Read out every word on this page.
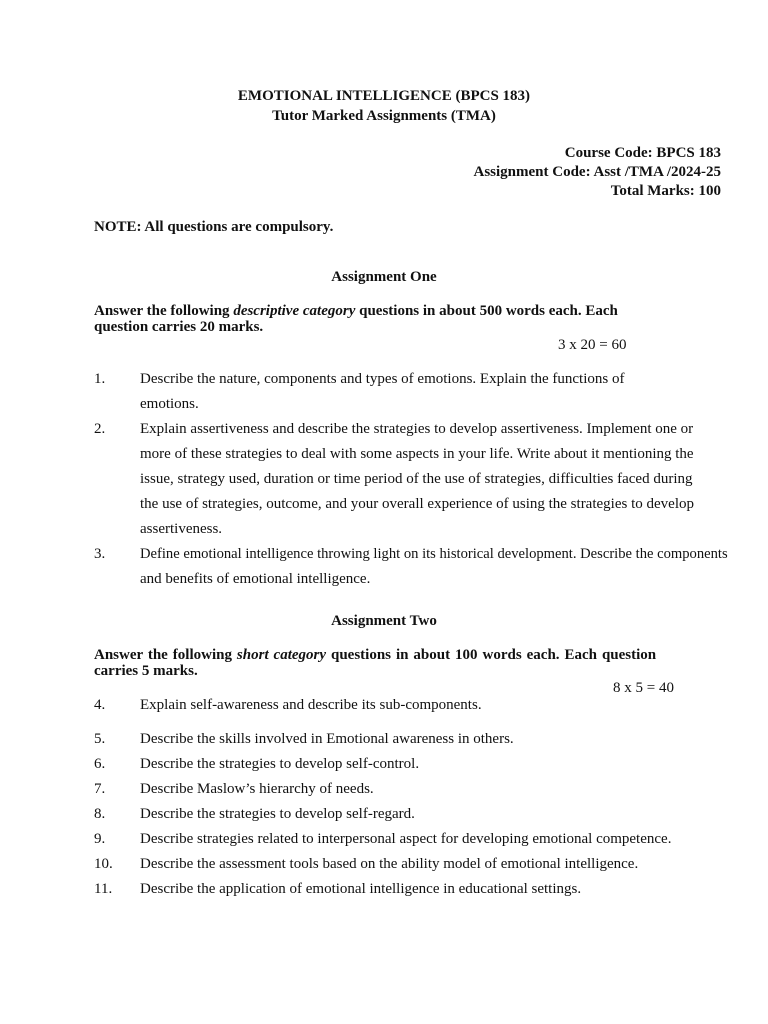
EMOTIONAL INTELLIGENCE (BPCS 183)
Tutor Marked Assignments (TMA)
Course Code: BPCS 183
Assignment Code: Asst /TMA /2024-25
Total Marks: 100
NOTE: All questions are compulsory.
Assignment One
Answer the following descriptive category questions in about 500 words each. Each
question carries 20 marks.
3 x 20 = 60
1. Describe the nature, components and types of emotions. Explain the functions of
emotions.
2. Explain assertiveness and describe the strategies to develop assertiveness. Implement one or
more of these strategies to deal with some aspects in your life. Write about it mentioning the
issue, strategy used, duration or time period of the use of strategies, difficulties faced during
the use of strategies, outcome, and your overall experience of using the strategies to develop
assertiveness.
3. Define emotional intelligence throwing light on its historical development. Describe the components
and benefits of emotional intelligence.
Assignment Two
Answer the following short category questions in about 100 words each. Each question
carries 5 marks.
8 x 5 = 40
4. Explain self-awareness and describe its sub-components.
5. Describe the skills involved in Emotional awareness in others.
6. Describe the strategies to develop self-control.
7. Describe Maslow’s hierarchy of needs.
8. Describe the strategies to develop self-regard.
9. Describe strategies related to interpersonal aspect for developing emotional competence.
10. Describe the assessment tools based on the ability model of emotional intelligence.
11. Describe the application of emotional intelligence in educational settings.
